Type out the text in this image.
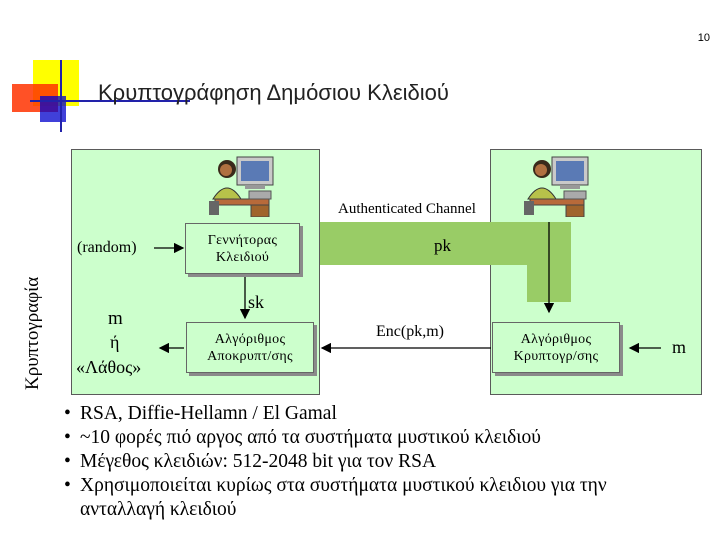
10
Κρυπτογράφηση Δημόσιου Κλειδιού
Κρυπτογραφία
Authenticated Channel
(random)	Γεννήτορας Κλειδιού
pk
sk
Αλγόριθμος Αποκρυπτ/σης
Enc(pk,m)	Αλγόριθμος Κρυπτογρ/σης	m
m
ή
«Λάθος»
• RSA, Diffie-Hellamn / El Gamal
• ~10 φορές πιό αργος από τα συστήματα μυστικού κλειδιού
• Μέγεθος κλειδιών: 512-2048 bit για τον RSA
• Χρησιμοποιείται κυρίως στα συστήματα μυστικού κλειδιου για την ανταλλαγή κλειδιού
